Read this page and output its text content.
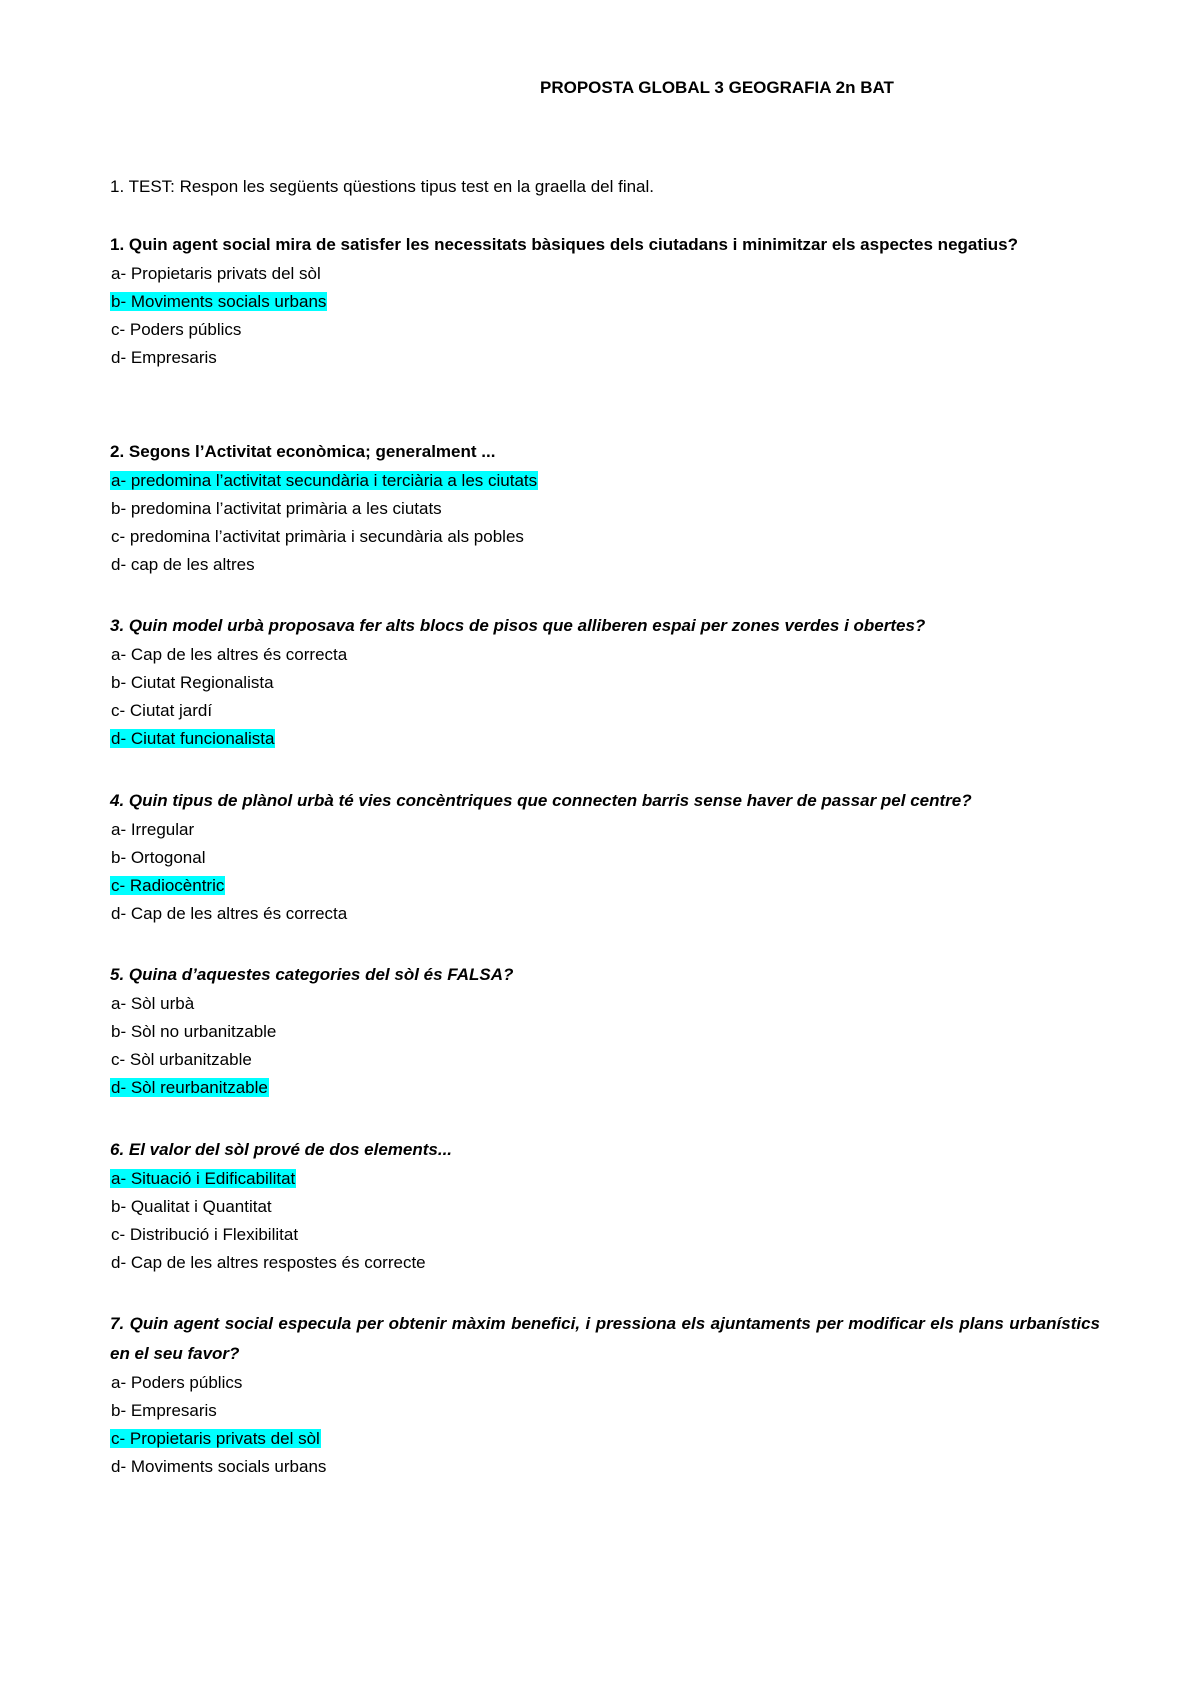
PROPOSTA GLOBAL 3 GEOGRAFIA 2n BAT
1. TEST: Respon les següents qüestions tipus test en la graella del final.
1. Quin agent social mira de satisfer les necessitats bàsiques dels ciutadans i minimitzar els aspectes negatius?
a- Propietaris privats del sòl
b- Moviments socials urbans
c- Poders públics
d- Empresaris
2. Segons l’Activitat econòmica; generalment ...
a- predomina l’activitat secundària i terciària a les ciutats
b- predomina l’activitat primària a les ciutats
c- predomina l’activitat primària i secundària als pobles
d- cap de les altres
3. Quin model urbà proposava fer alts blocs de pisos que alliberen espai per zones verdes i obertes?
a- Cap de les altres és correcta
b- Ciutat Regionalista
c- Ciutat jardí
d- Ciutat funcionalista
4. Quin tipus de plànol urbà té vies concèntriques que connecten barris sense haver de passar pel centre?
a- Irregular
b- Ortogonal
c- Radiocèntric
d- Cap de les altres és correcta
5. Quina d’aquestes categories del sòl és FALSA?
a- Sòl urbà
b- Sòl no urbanitzable
c- Sòl urbanitzable
d- Sòl reurbanitzable
6. El valor del sòl prové de dos elements...
a- Situació i Edificabilitat
b- Qualitat i Quantitat
c- Distribució i Flexibilitat
d- Cap de les altres respostes és correcte
7. Quin agent social especula per obtenir màxim benefici, i pressiona els ajuntaments per modificar els plans urbanístics en el seu favor?
a- Poders públics
b- Empresaris
c- Propietaris privats del sòl
d- Moviments socials urbans
